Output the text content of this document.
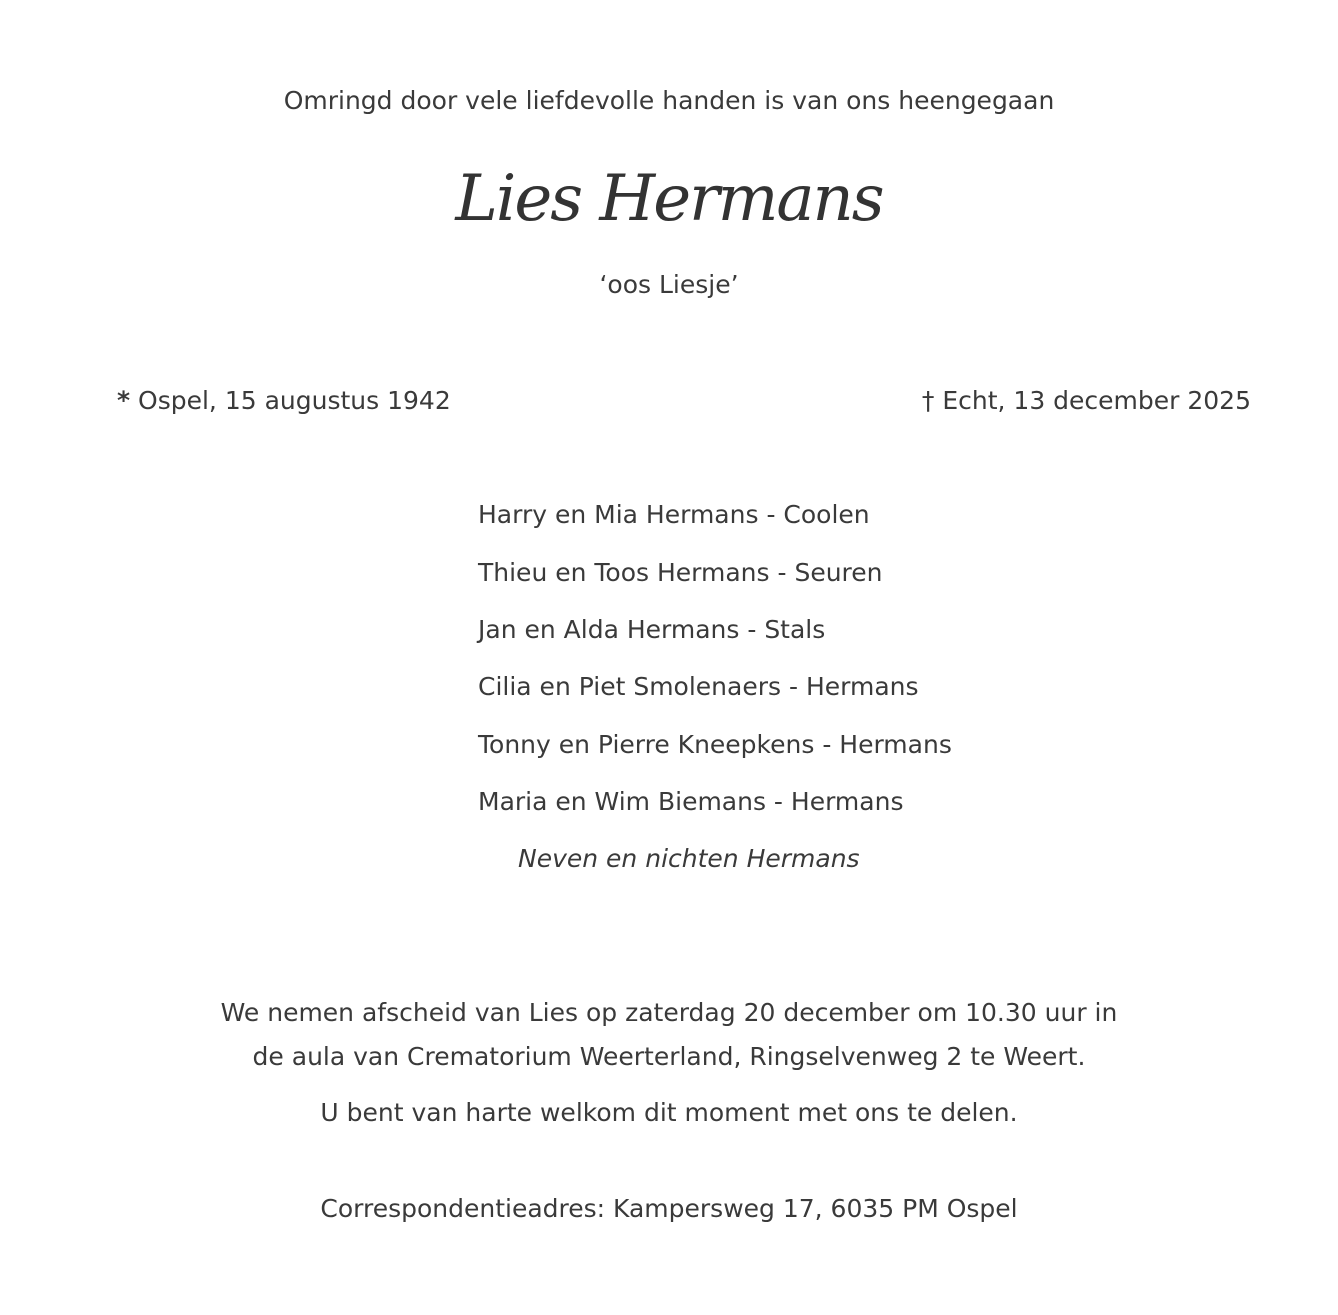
Omringd door vele liefdevolle handen is van ons heengegaan
Lies Hermans
‘oos Liesje’
* Ospel, 15 augustus 1942	† Echt, 13 december 2025
Harry en Mia Hermans - Coolen
Thieu en Toos Hermans - Seuren
Jan en Alda Hermans - Stals
Cilia en Piet Smolenaers - Hermans
Tonny en Pierre Kneepkens - Hermans
Maria en Wim Biemans - Hermans
Neven en nichten Hermans
We nemen afscheid van Lies op zaterdag 20 december om 10.30 uur in
de aula van Crematorium Weerterland, Ringselvenweg 2 te Weert.
U bent van harte welkom dit moment met ons te delen.
Correspondentieadres: Kampersweg 17, 6035 PM Ospel
